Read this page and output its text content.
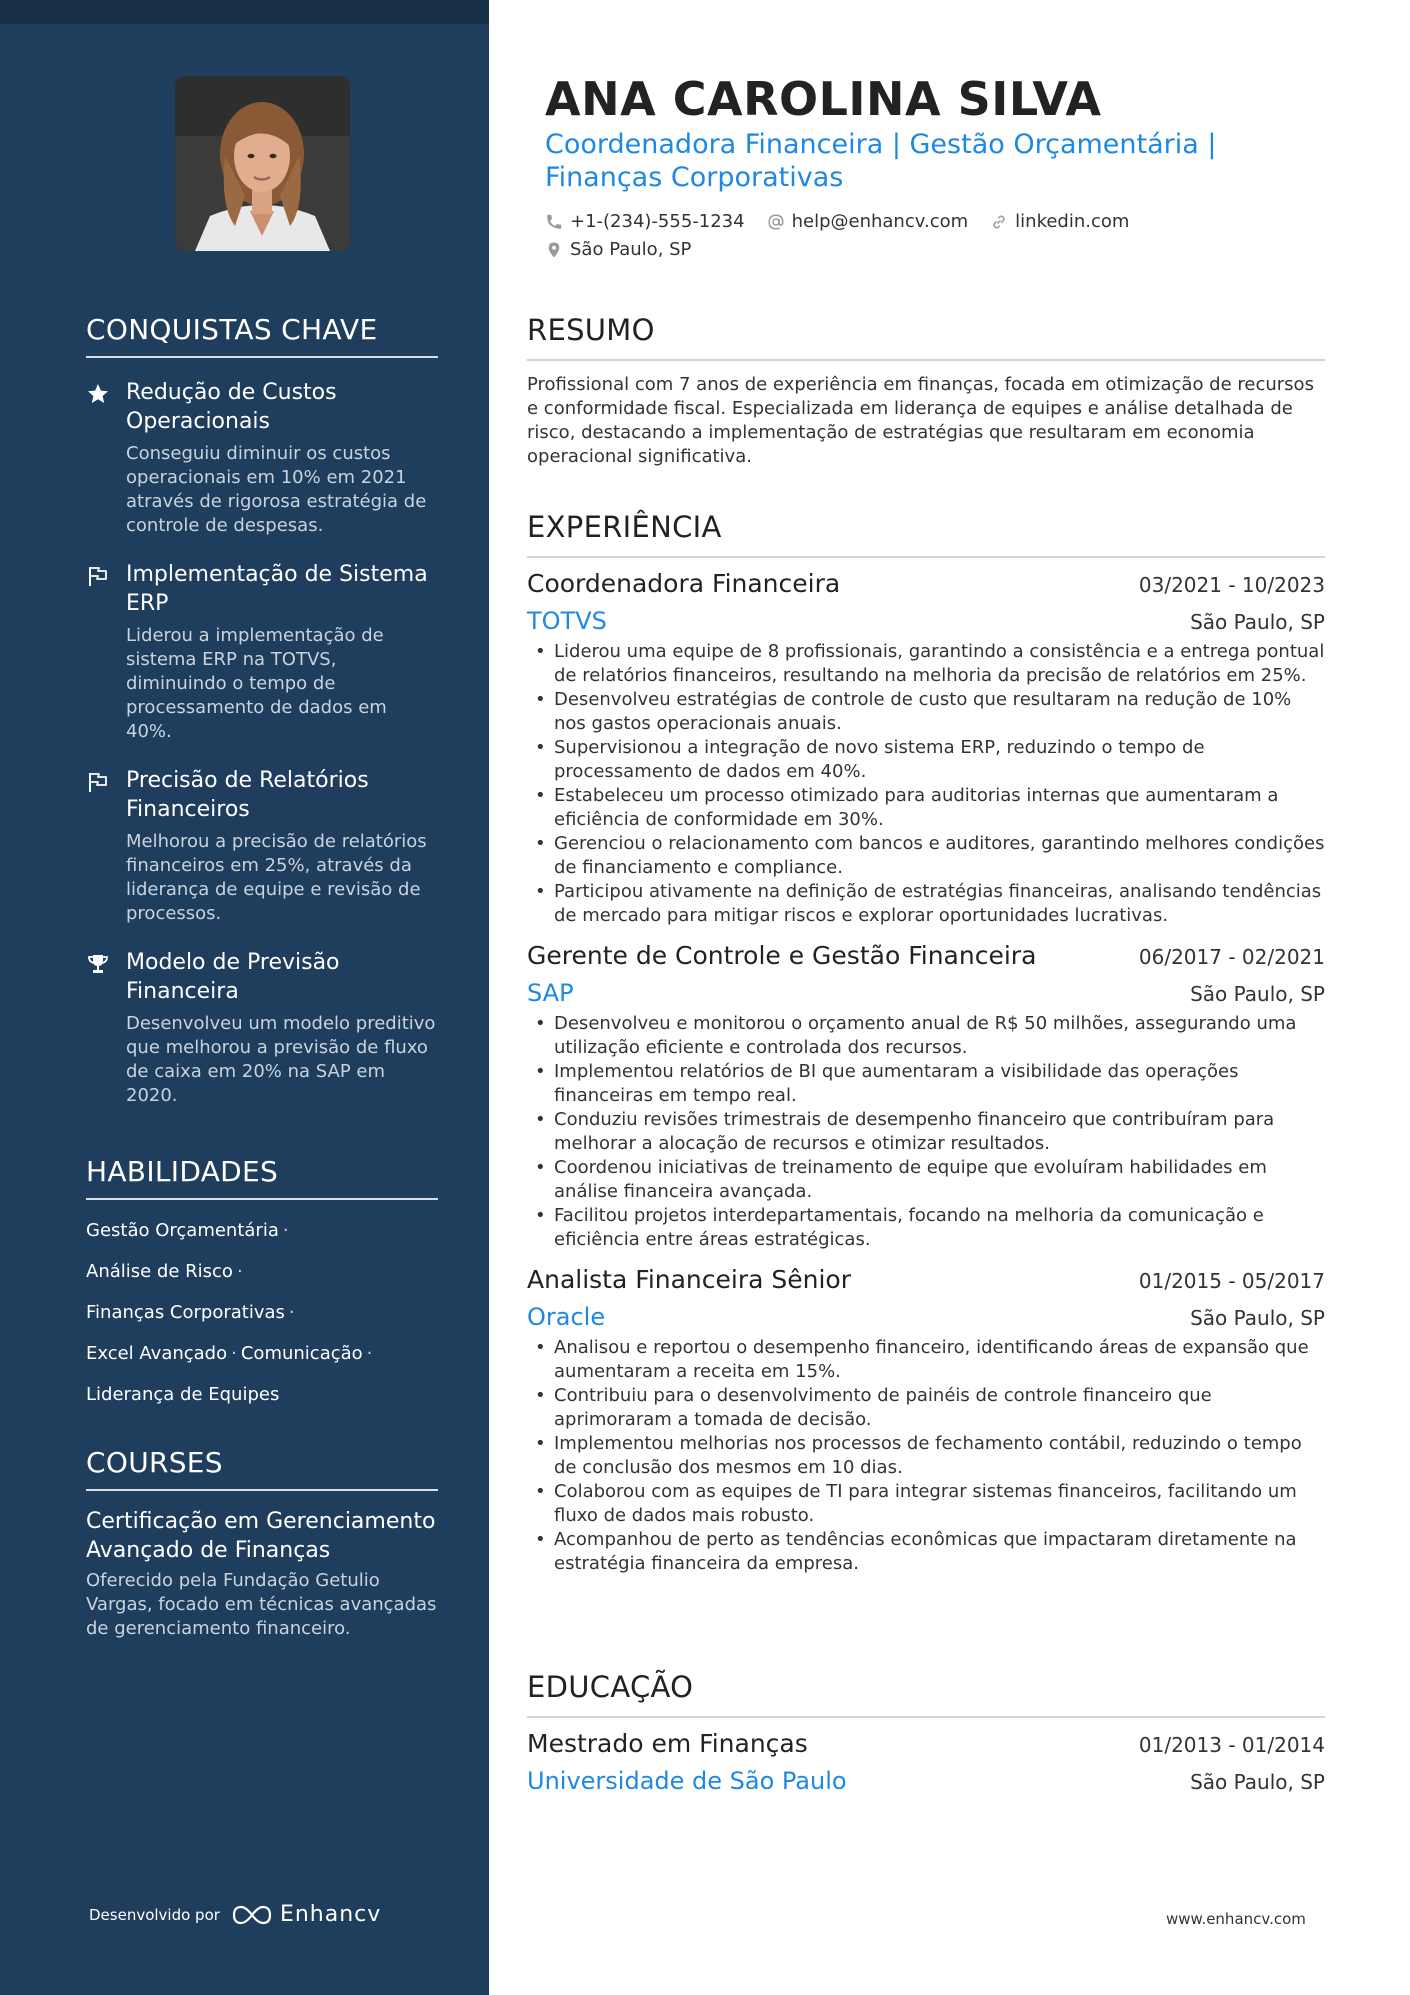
CONQUISTAS CHAVE
Redução de Custos Operacionais
Conseguiu diminuir os custos operacionais em 10% em 2021 através de rigorosa estratégia de controle de despesas.
Implementação de Sistema ERP
Liderou a implementação de sistema ERP na TOTVS, diminuindo o tempo de processamento de dados em 40%.
Precisão de Relatórios Financeiros
Melhorou a precisão de relatórios financeiros em 25%, através da liderança de equipe e revisão de processos.
Modelo de Previsão Financeira
Desenvolveu um modelo preditivo que melhorou a previsão de fluxo de caixa em 20% na SAP em 2020.
HABILIDADES
Gestão Orçamentária ·
Análise de Risco ·
Finanças Corporativas ·
Excel Avançado · Comunicação ·
Liderança de Equipes
COURSES
Certificação em Gerenciamento Avançado de Finanças
Oferecido pela Fundação Getulio Vargas, focado em técnicas avançadas de gerenciamento financeiro.
Desenvolvido por	Enhancv
ANA CAROLINA SILVA
Coordenadora Financeira | Gestão Orçamentária | Finanças Corporativas
+1-(234)-555-1234	help@enhancv.com	linkedin.com
São Paulo, SP
RESUMO
Profissional com 7 anos de experiência em finanças, focada em otimização de recursos e conformidade fiscal. Especializada em liderança de equipes e análise detalhada de risco, destacando a implementação de estratégias que resultaram em economia operacional significativa.
EXPERIÊNCIA
Coordenadora Financeira	03/2021 - 10/2023
TOTVS	São Paulo, SP
• Liderou uma equipe de 8 profissionais, garantindo a consistência e a entrega pontual de relatórios financeiros, resultando na melhoria da precisão de relatórios em 25%.
• Desenvolveu estratégias de controle de custo que resultaram na redução de 10% nos gastos operacionais anuais.
• Supervisionou a integração de novo sistema ERP, reduzindo o tempo de processamento de dados em 40%.
• Estabeleceu um processo otimizado para auditorias internas que aumentaram a eficiência de conformidade em 30%.
• Gerenciou o relacionamento com bancos e auditores, garantindo melhores condições de financiamento e compliance.
• Participou ativamente na definição de estratégias financeiras, analisando tendências de mercado para mitigar riscos e explorar oportunidades lucrativas.
Gerente de Controle e Gestão Financeira	06/2017 - 02/2021
SAP	São Paulo, SP
• Desenvolveu e monitorou o orçamento anual de R$ 50 milhões, assegurando uma utilização eficiente e controlada dos recursos.
• Implementou relatórios de BI que aumentaram a visibilidade das operações financeiras em tempo real.
• Conduziu revisões trimestrais de desempenho financeiro que contribuíram para melhorar a alocação de recursos e otimizar resultados.
• Coordenou iniciativas de treinamento de equipe que evoluíram habilidades em análise financeira avançada.
• Facilitou projetos interdepartamentais, focando na melhoria da comunicação e eficiência entre áreas estratégicas.
Analista Financeira Sênior	01/2015 - 05/2017
Oracle	São Paulo, SP
• Analisou e reportou o desempenho financeiro, identificando áreas de expansão que aumentaram a receita em 15%.
• Contribuiu para o desenvolvimento de painéis de controle financeiro que aprimoraram a tomada de decisão.
• Implementou melhorias nos processos de fechamento contábil, reduzindo o tempo de conclusão dos mesmos em 10 dias.
• Colaborou com as equipes de TI para integrar sistemas financeiros, facilitando um fluxo de dados mais robusto.
• Acompanhou de perto as tendências econômicas que impactaram diretamente na estratégia financeira da empresa.
EDUCAÇÃO
Mestrado em Finanças	01/2013 - 01/2014
Universidade de São Paulo	São Paulo, SP
www.enhancv.com
